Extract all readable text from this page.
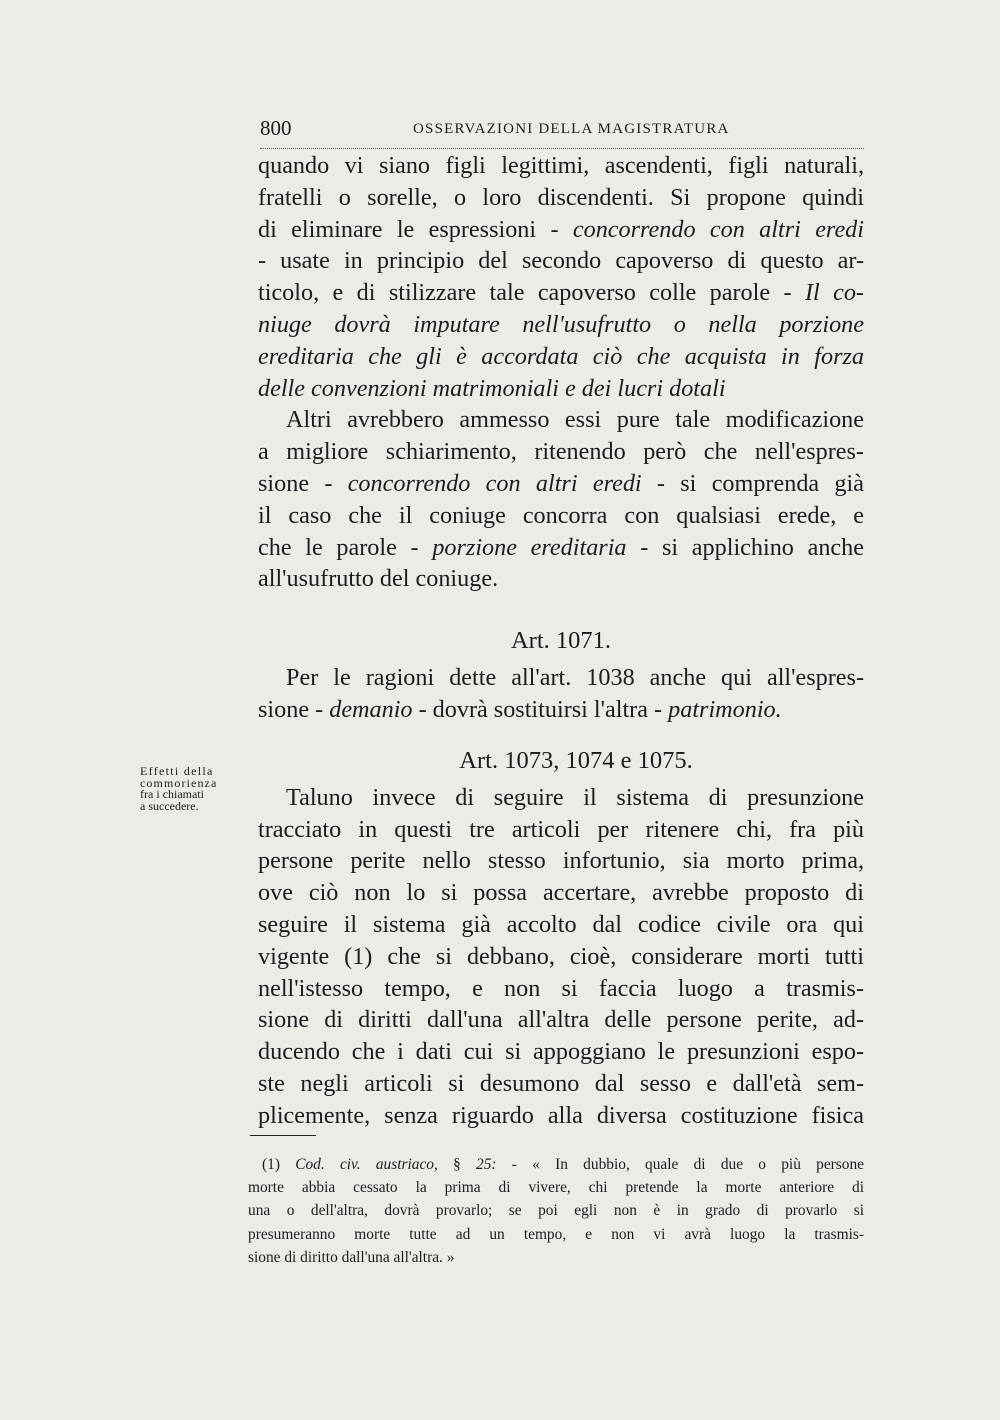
800	OSSERVAZIONI DELLA MAGISTRATURA
Effetti della
commorienza
fra i chiamati
a succedere.
quando vi siano figli legittimi, ascendenti, figli naturali,
fratelli o sorelle, o loro discendenti. Si propone quindi
di eliminare le espressioni - concorrendo con altri eredi
- usate in principio del secondo capoverso di questo ar-
ticolo, e di stilizzare tale capoverso colle parole - Il co-
niuge dovrà imputare nell'usufrutto o nella porzione
ereditaria che gli è accordata ciò che acquista in forza
delle convenzioni matrimoniali e dei lucri dotali
Altri avrebbero ammesso essi pure tale modificazione
a migliore schiarimento, ritenendo però che nell'espres-
sione - concorrendo con altri eredi - si comprenda già
il caso che il coniuge concorra con qualsiasi erede, e
che le parole - porzione ereditaria - si applichino anche
all'usufrutto del coniuge.
Art. 1071.
Per le ragioni dette all'art. 1038 anche qui all'espres-
sione - demanio - dovrà sostituirsi l'altra - patrimonio.
Art. 1073, 1074 e 1075.
Taluno invece di seguire il sistema di presunzione
tracciato in questi tre articoli per ritenere chi, fra più
persone perite nello stesso infortunio, sia morto prima,
ove ciò non lo si possa accertare, avrebbe proposto di
seguire il sistema già accolto dal codice civile ora qui
vigente (1) che si debbano, cioè, considerare morti tutti
nell'istesso tempo, e non si faccia luogo a trasmis-
sione di diritti dall'una all'altra delle persone perite, ad-
ducendo che i dati cui si appoggiano le presunzioni espo-
ste negli articoli si desumono dal sesso e dall'età sem-
plicemente, senza riguardo alla diversa costituzione fisica
(1) Cod. civ. austriaco, § 25: - « In dubbio, quale di due o più persone
morte abbia cessato la prima di vivere, chi pretende la morte anteriore di
una o dell'altra, dovrà provarlo; se poi egli non è in grado di provarlo si
presumeranno morte tutte ad un tempo, e non vi avrà luogo la trasmis-
sione di diritto dall'una all'altra. »
